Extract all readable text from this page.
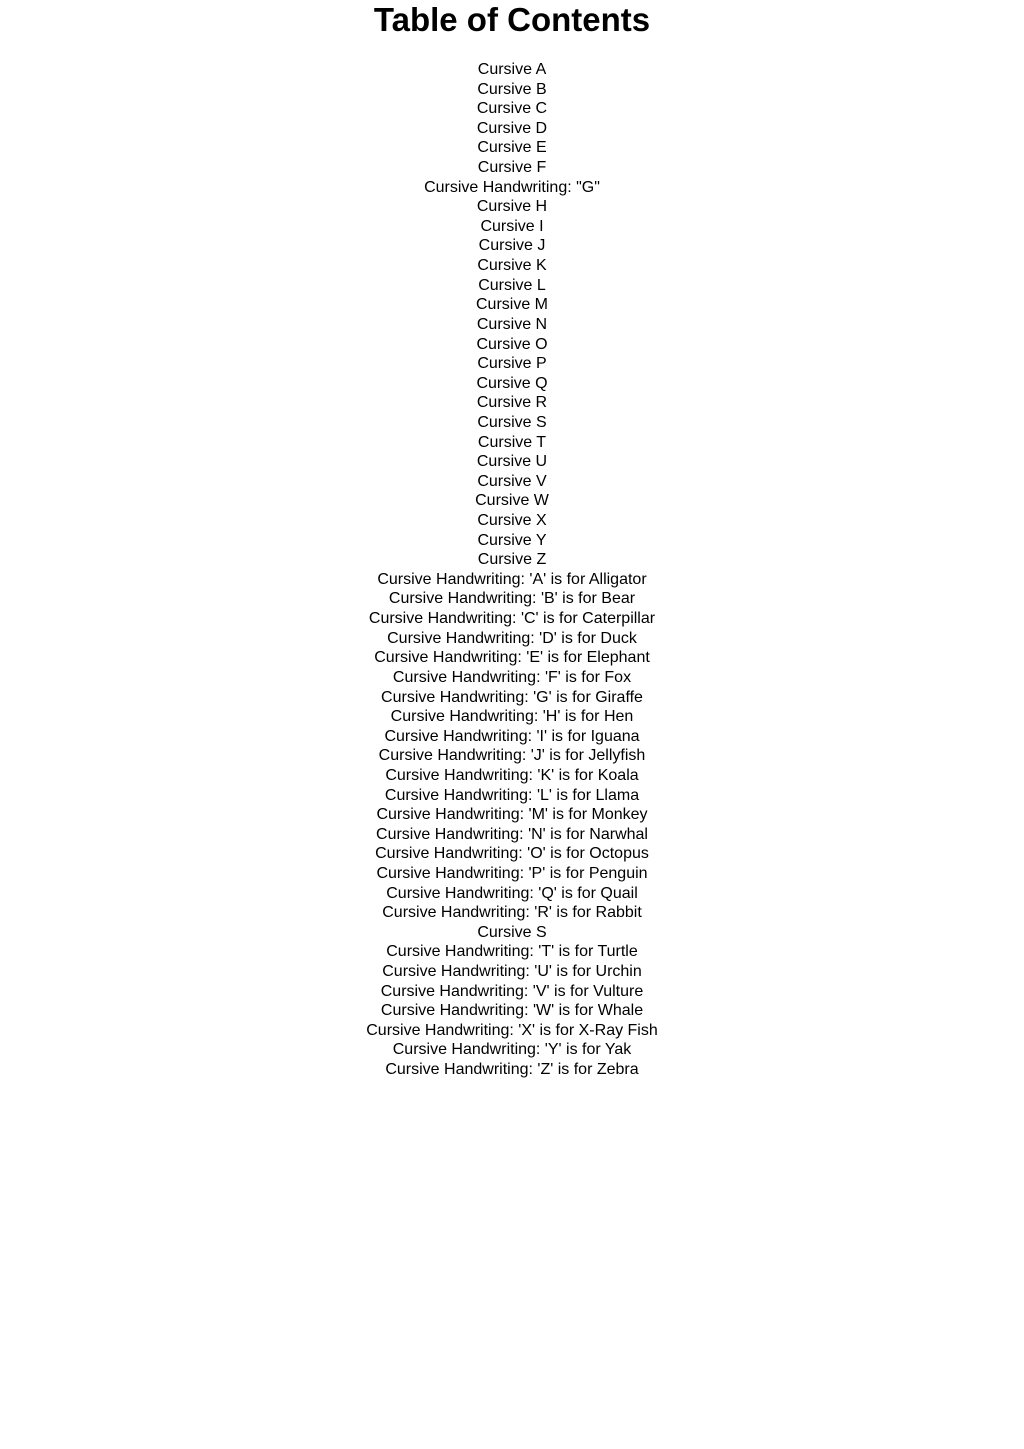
Table of Contents
Cursive A
Cursive B
Cursive C
Cursive D
Cursive E
Cursive F
Cursive Handwriting: "G"
Cursive H
Cursive I
Cursive J
Cursive K
Cursive L
Cursive M
Cursive N
Cursive O
Cursive P
Cursive Q
Cursive R
Cursive S
Cursive T
Cursive U
Cursive V
Cursive W
Cursive X
Cursive Y
Cursive Z
Cursive Handwriting: 'A' is for Alligator
Cursive Handwriting: 'B' is for Bear
Cursive Handwriting: 'C' is for Caterpillar
Cursive Handwriting: 'D' is for Duck
Cursive Handwriting: 'E' is for Elephant
Cursive Handwriting: 'F' is for Fox
Cursive Handwriting: 'G' is for Giraffe
Cursive Handwriting: 'H' is for Hen
Cursive Handwriting: 'I' is for Iguana
Cursive Handwriting: 'J' is for Jellyfish
Cursive Handwriting: 'K' is for Koala
Cursive Handwriting: 'L' is for Llama
Cursive Handwriting: 'M' is for Monkey
Cursive Handwriting: 'N' is for Narwhal
Cursive Handwriting: 'O' is for Octopus
Cursive Handwriting: 'P' is for Penguin
Cursive Handwriting: 'Q' is for Quail
Cursive Handwriting: 'R' is for Rabbit
Cursive S
Cursive Handwriting: 'T' is for Turtle
Cursive Handwriting: 'U' is for Urchin
Cursive Handwriting: 'V' is for Vulture
Cursive Handwriting: 'W' is for Whale
Cursive Handwriting: 'X' is for X-Ray Fish
Cursive Handwriting: 'Y' is for Yak
Cursive Handwriting: 'Z' is for Zebra
